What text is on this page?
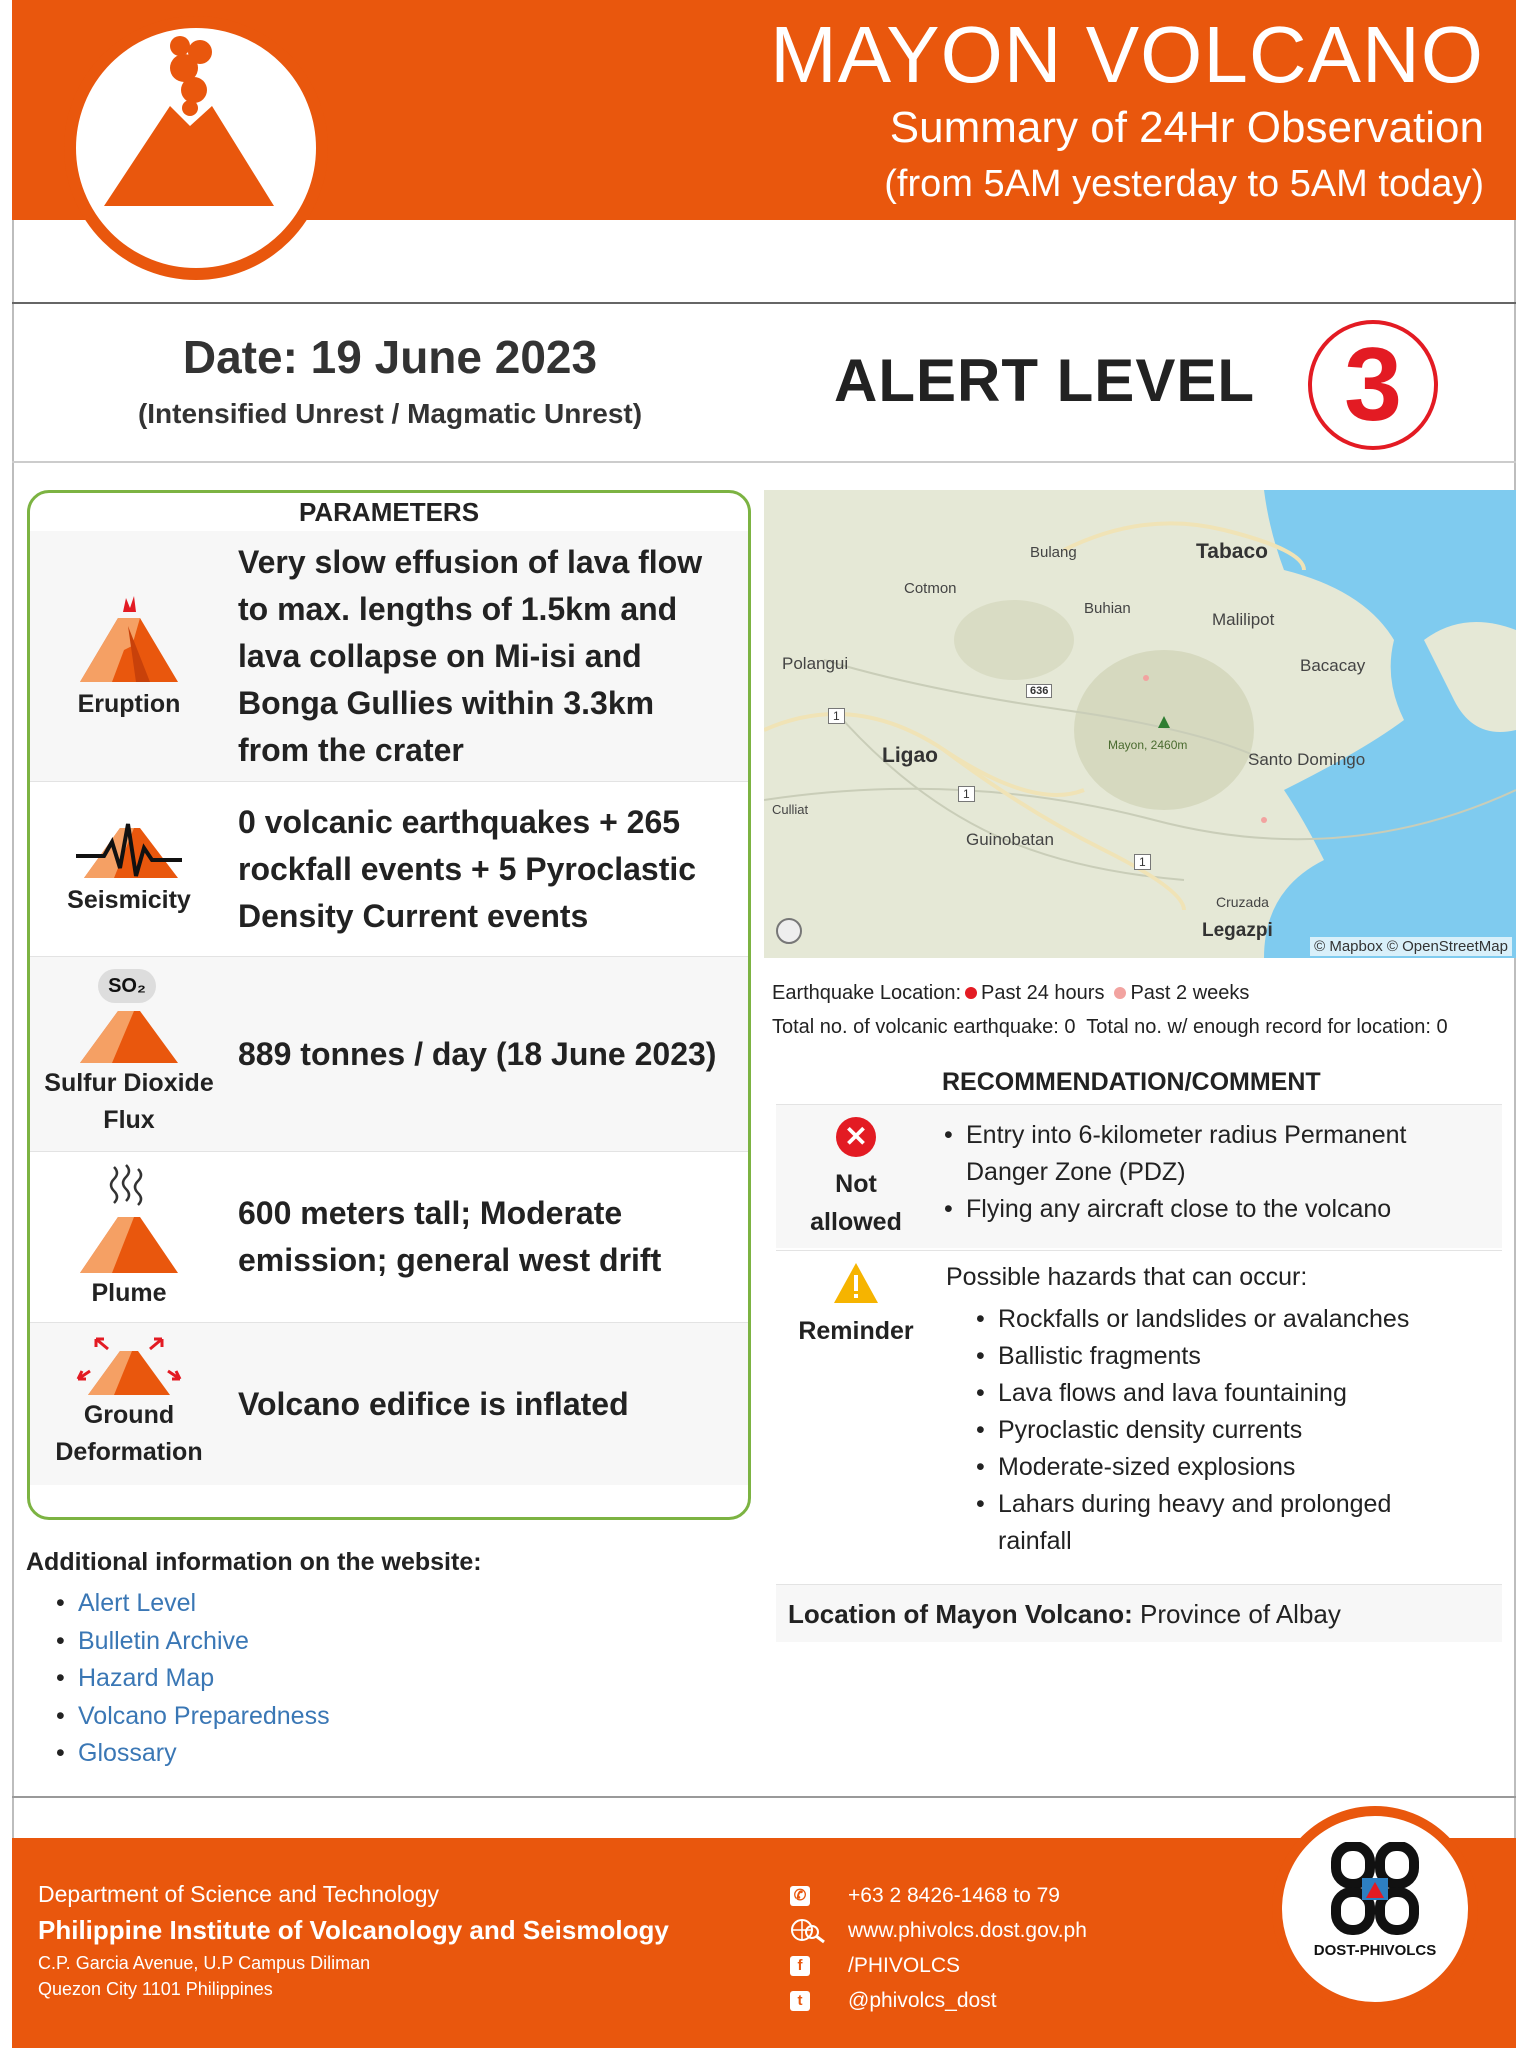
MAYON VOLCANO
Summary of 24Hr Observation
(from 5AM yesterday to 5AM today)
Date: 19 June 2023
(Intensified Unrest / Magmatic Unrest)	ALERT LEVEL 3
PARAMETERS
Eruption
Very slow effusion of lava flow to max. lengths of 1.5km and lava collapse on Mi-isi and Bonga Gullies within 3.3km from the crater
Seismicity
0 volcanic earthquakes + 265 rockfall events + 5 Pyroclastic Density Current events
SO₂
Sulfur Dioxide Flux
889 tonnes / day (18 June 2023)
Plume
600 meters tall; Moderate emission; general west drift
Ground Deformation
Volcano edifice is inflated
Bulang	Tabaco
Cotmon
Buhian
Malilipot
Bacacay
Polangui
636
1
Ligao	Mayon, 2460m
Santo Domingo
1
Culliat
Guinobatan
1
Cruzada
Legazpi
© Mapbox © OpenStreetMap
Earthquake Location: Past 24 hours Past 2 weeks
Total no. of volcanic earthquake: 0  Total no. w/ enough record for location: 0
RECOMMENDATION/COMMENT
✕
Not allowed
• Entry into 6-kilometer radius Permanent Danger Zone (PDZ)
• Flying any aircraft close to the volcano
Reminder
Possible hazards that can occur:
• Rockfalls or landslides or avalanches
• Ballistic fragments
• Lava flows and lava fountaining
• Pyroclastic density currents
• Moderate-sized explosions
• Lahars during heavy and prolonged rainfall
Location of Mayon Volcano: Province of Albay
Additional information on the website:
• Alert Level
• Bulletin Archive
• Hazard Map
• Volcano Preparedness
• Glossary
Department of Science and Technology
Philippine Institute of Volcanology and Seismology
C.P. Garcia Avenue, U.P Campus Diliman
Quezon City 1101 Philippines
✆ +63 2 8426-1468 to 79
www.phivolcs.dost.gov.ph
f	/PHIVOLCS
t	@phivolcs_dost
DOST-PHIVOLCS
